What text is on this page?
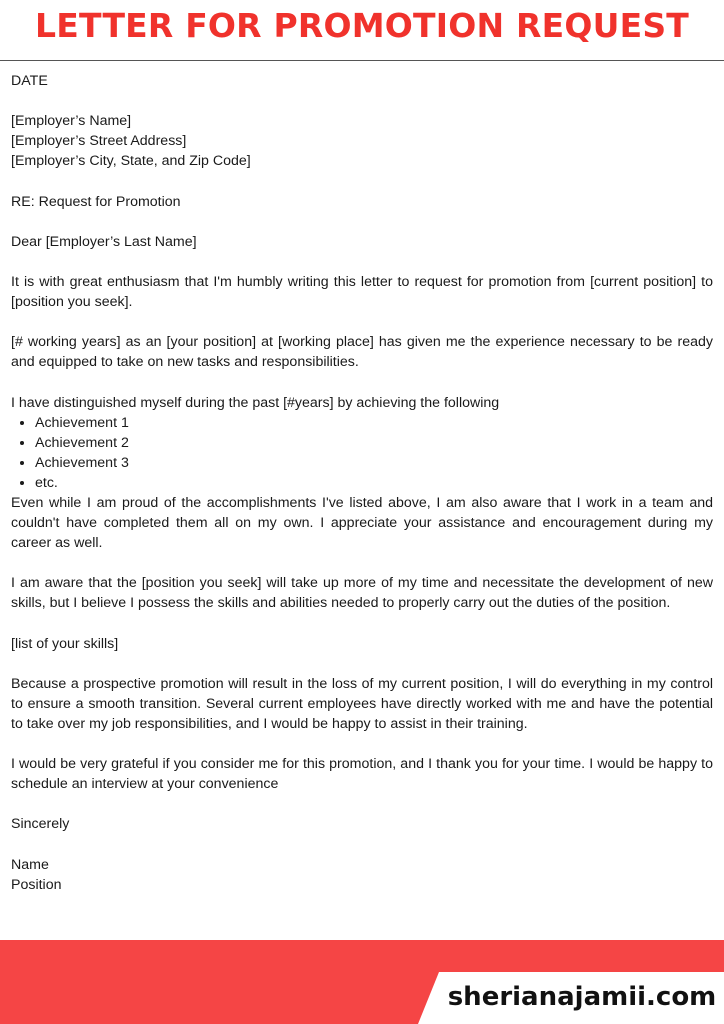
LETTER FOR PROMOTION REQUEST

DATE

[Employer’s Name]

[Employer’s Street Address]

[Employer’s City, State, and Zip Code]

RE: Request for Promotion

Dear [Employer’s Last Name]

It is with great enthusiasm that I'm humbly writing this letter to request for promotion from [current position] to [position you seek].

[# working years] as an [your position] at [working place] has given me the experience necessary to be ready and equipped to take on new tasks and responsibilities.

I have distinguished myself during the past [#years] by achieving the following

• Achievement 1
• Achievement 2
• Achievement 3
• etc.

Even while I am proud of the accomplishments I've listed above, I am also aware that I work in a team and couldn't have completed them all on my own. I appreciate your assistance and encouragement during my career as well.

I am aware that the [position you seek] will take up more of my time and necessitate the development of new skills, but I believe I possess the skills and abilities needed to properly carry out the duties of the position.

[list of your skills]

Because a prospective promotion will result in the loss of my current position, I will do everything in my control to ensure a smooth transition. Several current employees have directly worked with me and have the potential to take over my job responsibilities, and I would be happy to assist in their training.

I would be very grateful if you consider me for this promotion, and I thank you for your time. I would be happy to schedule an interview at your convenience

Sincerely

Name

Position

sherianajamii.com
